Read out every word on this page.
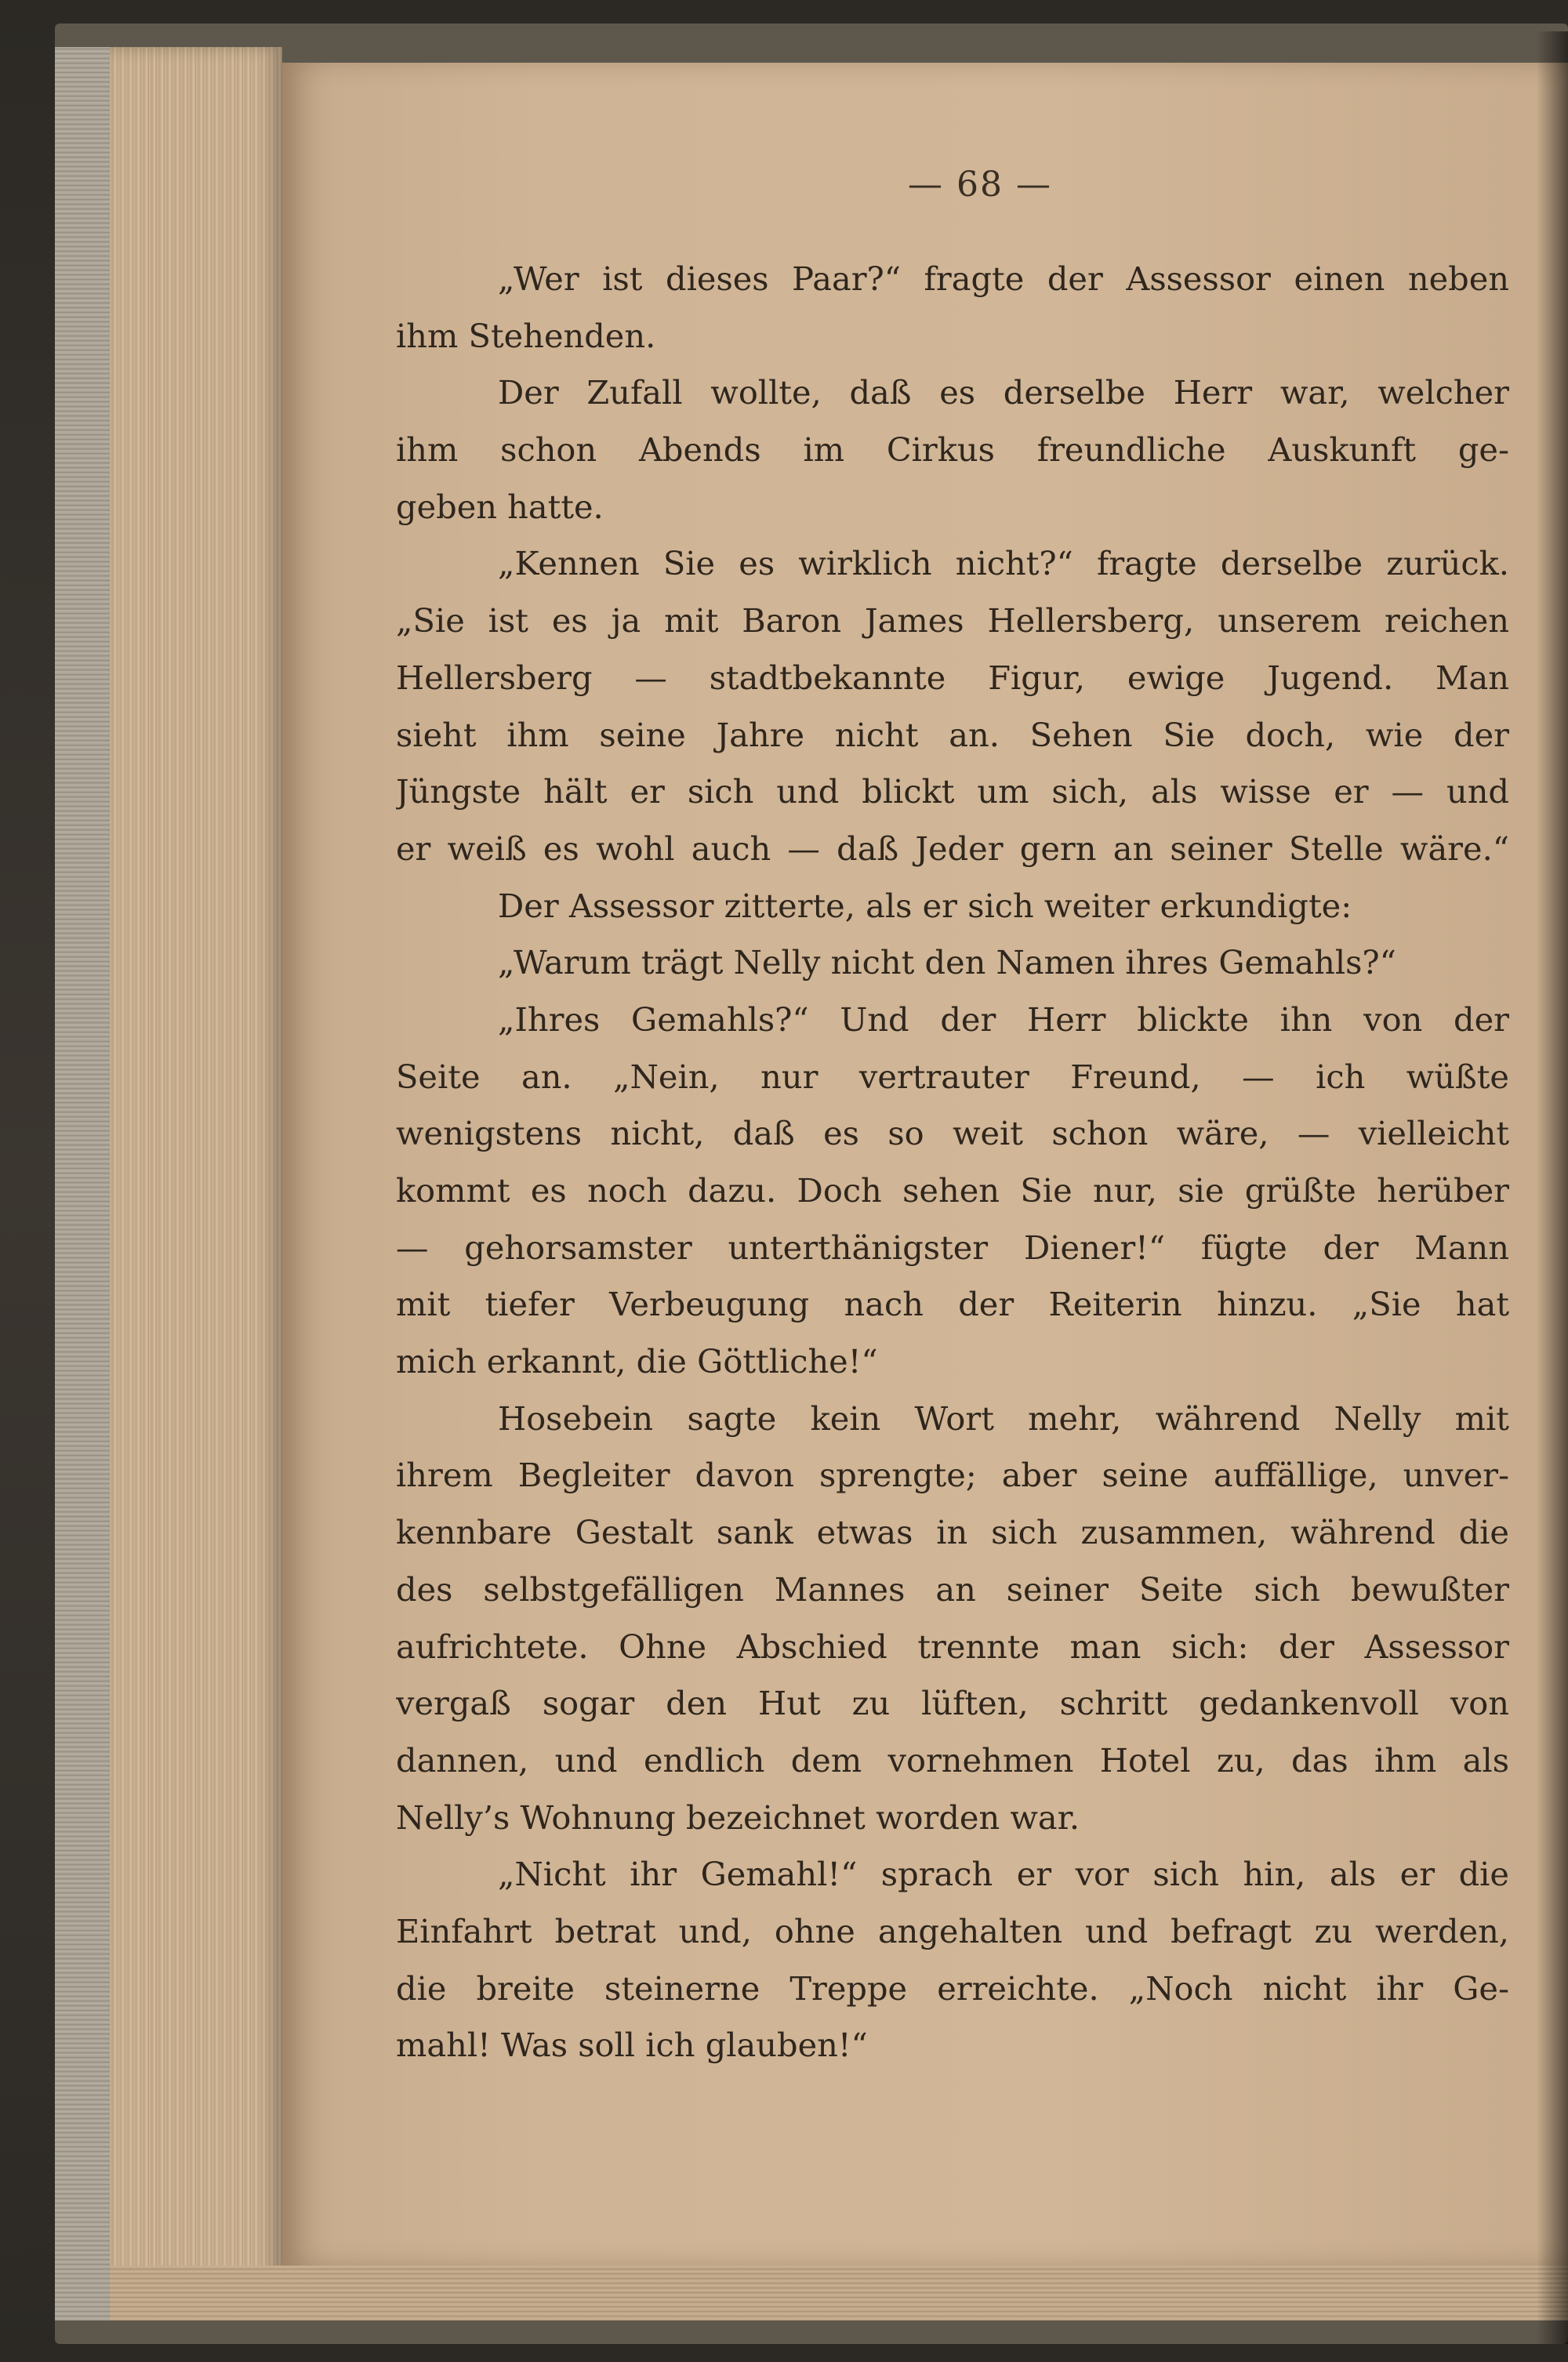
— 68 —
„Wer ist dieses Paar?“ fragte der Assessor einen neben
ihm Stehenden.
Der Zufall wollte, daß es derselbe Herr war, welcher
ihm schon Abends im Cirkus freundliche Auskunft ge-
geben hatte.
„Kennen Sie es wirklich nicht?“ fragte derselbe zurück.
„Sie ist es ja mit Baron James Hellersberg, unserem reichen
Hellersberg — stadtbekannte Figur, ewige Jugend. Man
sieht ihm seine Jahre nicht an. Sehen Sie doch, wie der
Jüngste hält er sich und blickt um sich, als wisse er — und
er weiß es wohl auch — daß Jeder gern an seiner Stelle wäre.“
Der Assessor zitterte, als er sich weiter erkundigte:
„Warum trägt Nelly nicht den Namen ihres Gemahls?“
„Ihres Gemahls?“ Und der Herr blickte ihn von der
Seite an. „Nein, nur vertrauter Freund, — ich wüßte
wenigstens nicht, daß es so weit schon wäre, — vielleicht
kommt es noch dazu. Doch sehen Sie nur, sie grüßte herüber
— gehorsamster unterthänigster Diener!“ fügte der Mann
mit tiefer Verbeugung nach der Reiterin hinzu. „Sie hat
mich erkannt, die Göttliche!“
Hosebein sagte kein Wort mehr, während Nelly mit
ihrem Begleiter davon sprengte; aber seine auffällige, unver-
kennbare Gestalt sank etwas in sich zusammen, während die
des selbstgefälligen Mannes an seiner Seite sich bewußter
aufrichtete. Ohne Abschied trennte man sich: der Assessor
vergaß sogar den Hut zu lüften, schritt gedankenvoll von
dannen, und endlich dem vornehmen Hotel zu, das ihm als
Nelly’s Wohnung bezeichnet worden war.
„Nicht ihr Gemahl!“ sprach er vor sich hin, als er die
Einfahrt betrat und, ohne angehalten und befragt zu werden,
die breite steinerne Treppe erreichte. „Noch nicht ihr Ge-
mahl! Was soll ich glauben!“
